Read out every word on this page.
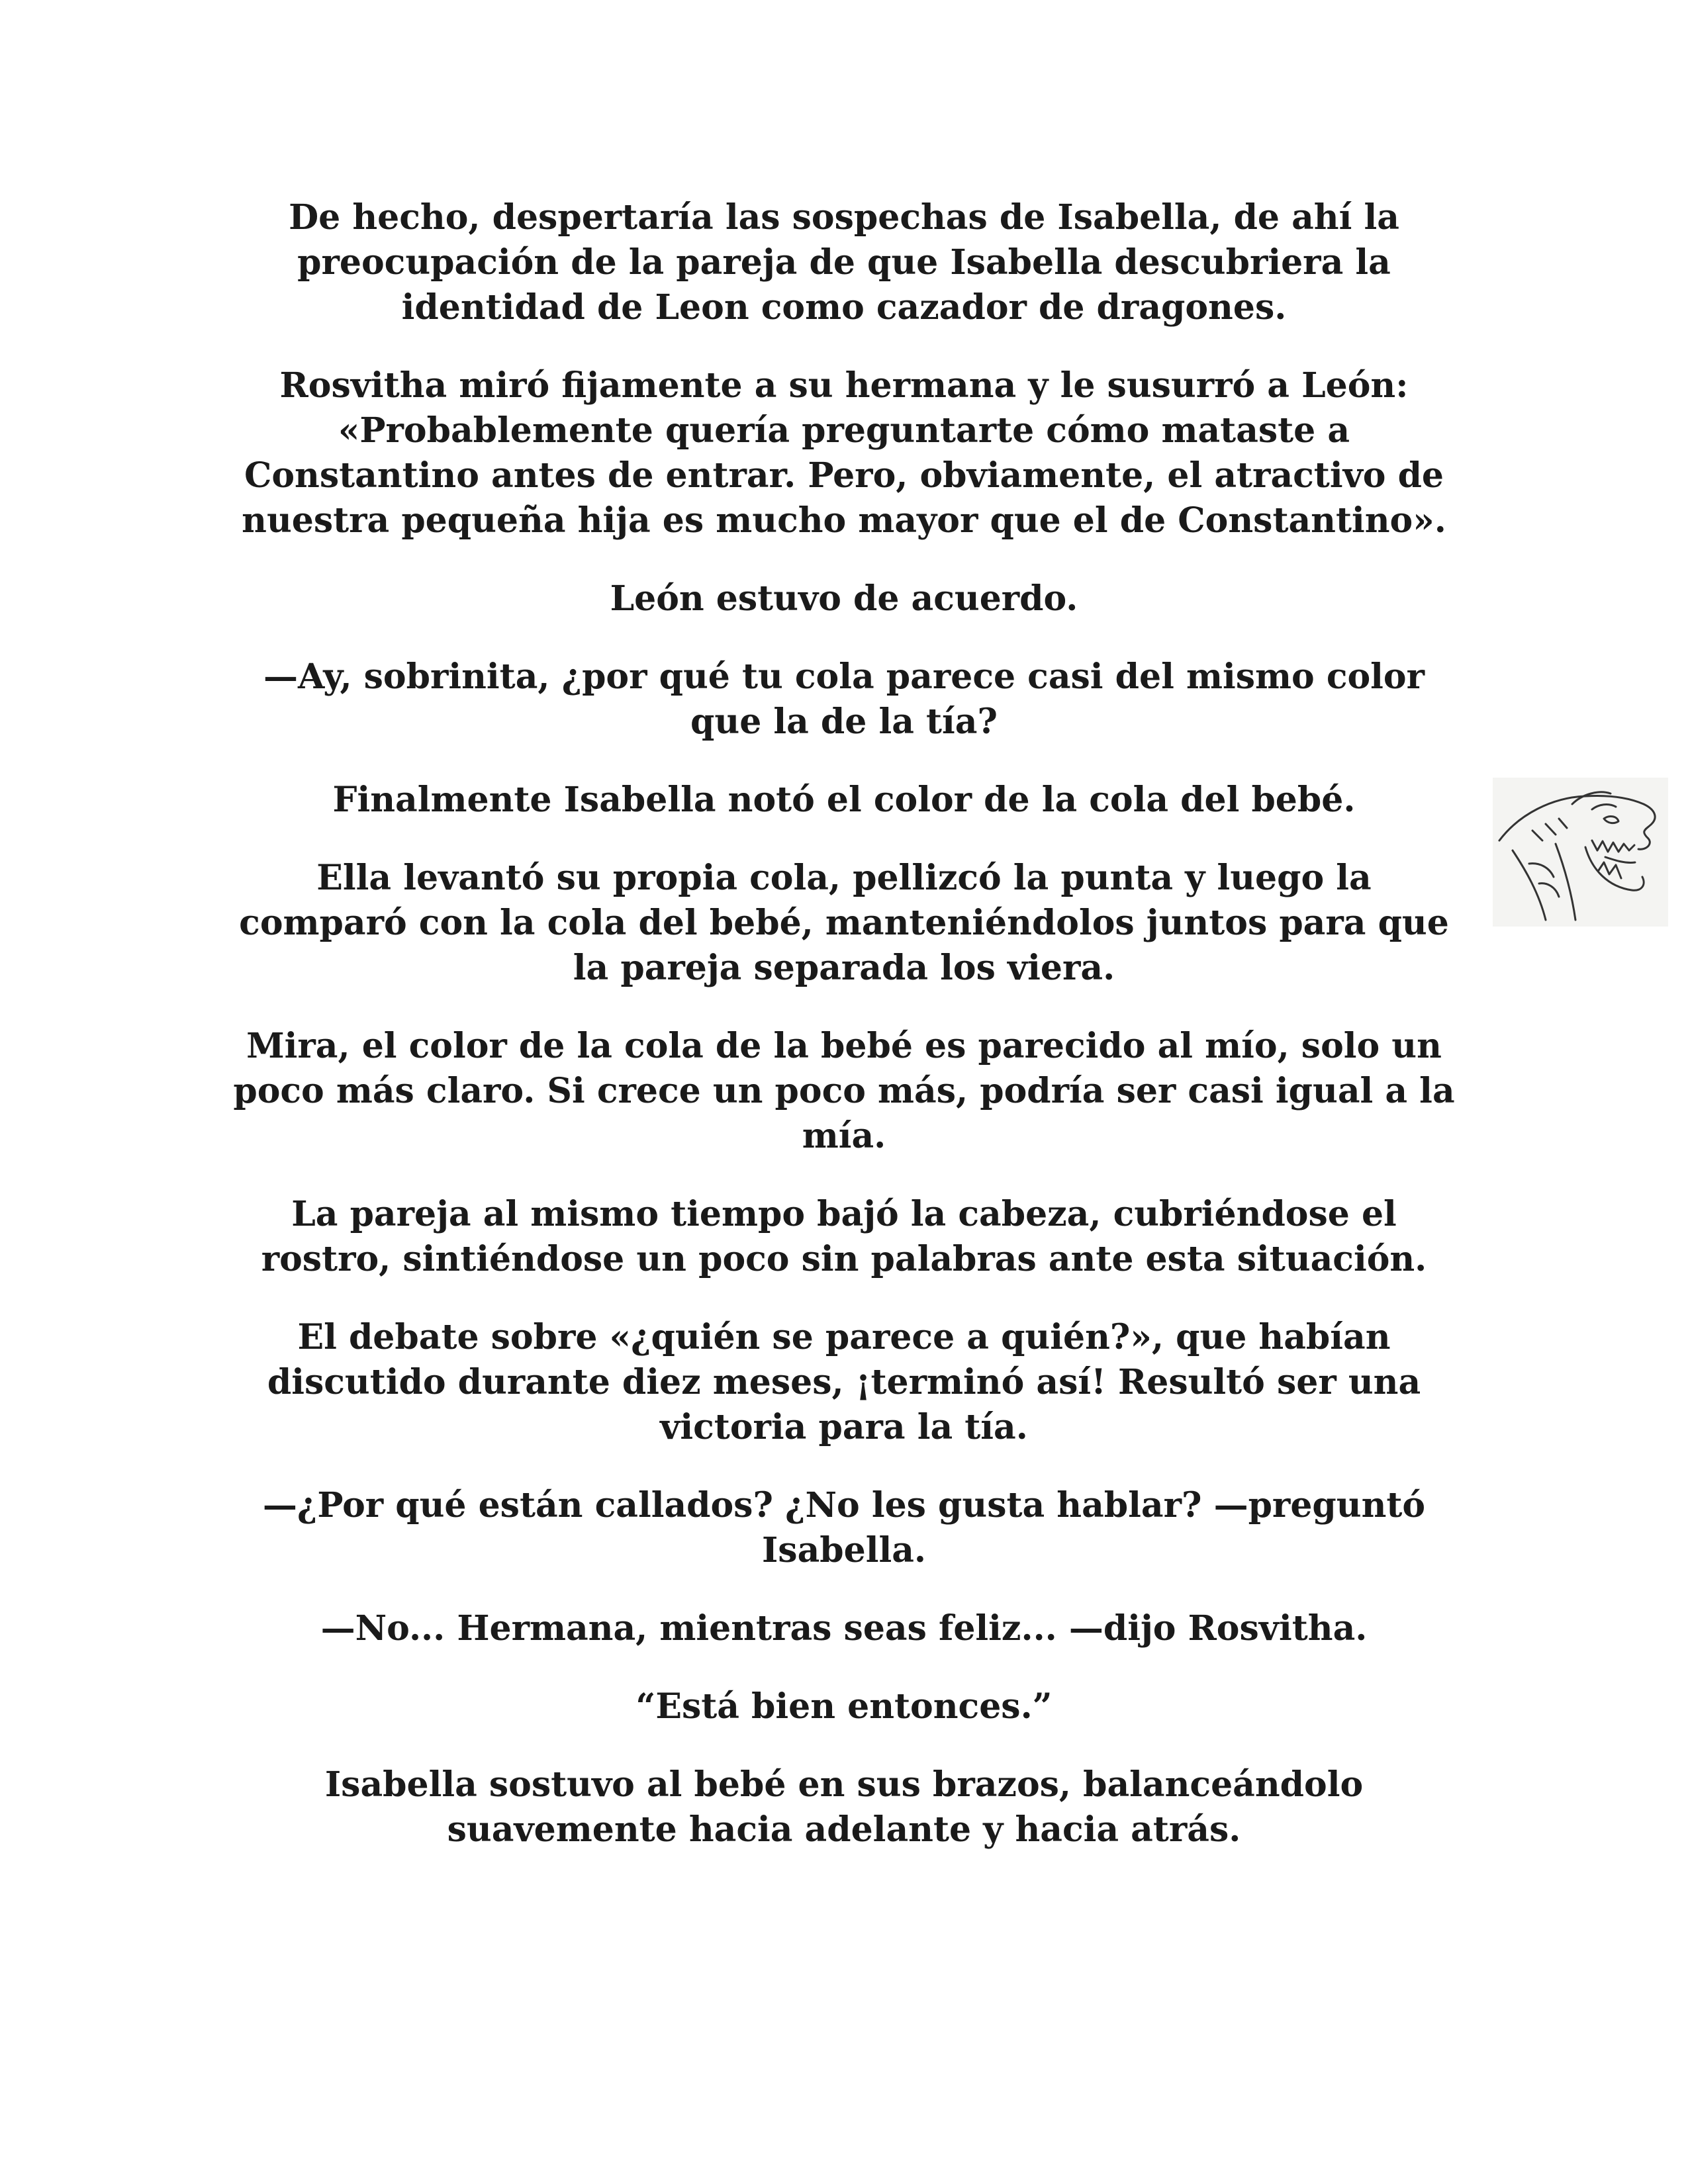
De hecho, despertaría las sospechas de Isabella, de ahí la
preocupación de la pareja de que Isabella descubriera la
identidad de Leon como cazador de dragones.

Rosvitha miró fijamente a su hermana y le susurró a León:
«Probablemente quería preguntarte cómo mataste a
Constantino antes de entrar. Pero, obviamente, el atractivo de
nuestra pequeña hija es mucho mayor que el de Constantino».

León estuvo de acuerdo.

—Ay, sobrinita, ¿por qué tu cola parece casi del mismo color
que la de la tía?

Finalmente Isabella notó el color de la cola del bebé.

Ella levantó su propia cola, pellizcó la punta y luego la
comparó con la cola del bebé, manteniéndolos juntos para que
la pareja separada los viera.

Mira, el color de la cola de la bebé es parecido al mío, solo un
poco más claro. Si crece un poco más, podría ser casi igual a la
mía.

La pareja al mismo tiempo bajó la cabeza, cubriéndose el
rostro, sintiéndose un poco sin palabras ante esta situación.

El debate sobre «¿quién se parece a quién?», que habían
discutido durante diez meses, ¡terminó así! Resultó ser una
victoria para la tía.

—¿Por qué están callados? ¿No les gusta hablar? —preguntó
Isabella.

—No... Hermana, mientras seas feliz... —dijo Rosvitha.

“Está bien entonces.”

Isabella sostuvo al bebé en sus brazos, balanceándolo
suavemente hacia adelante y hacia atrás.
